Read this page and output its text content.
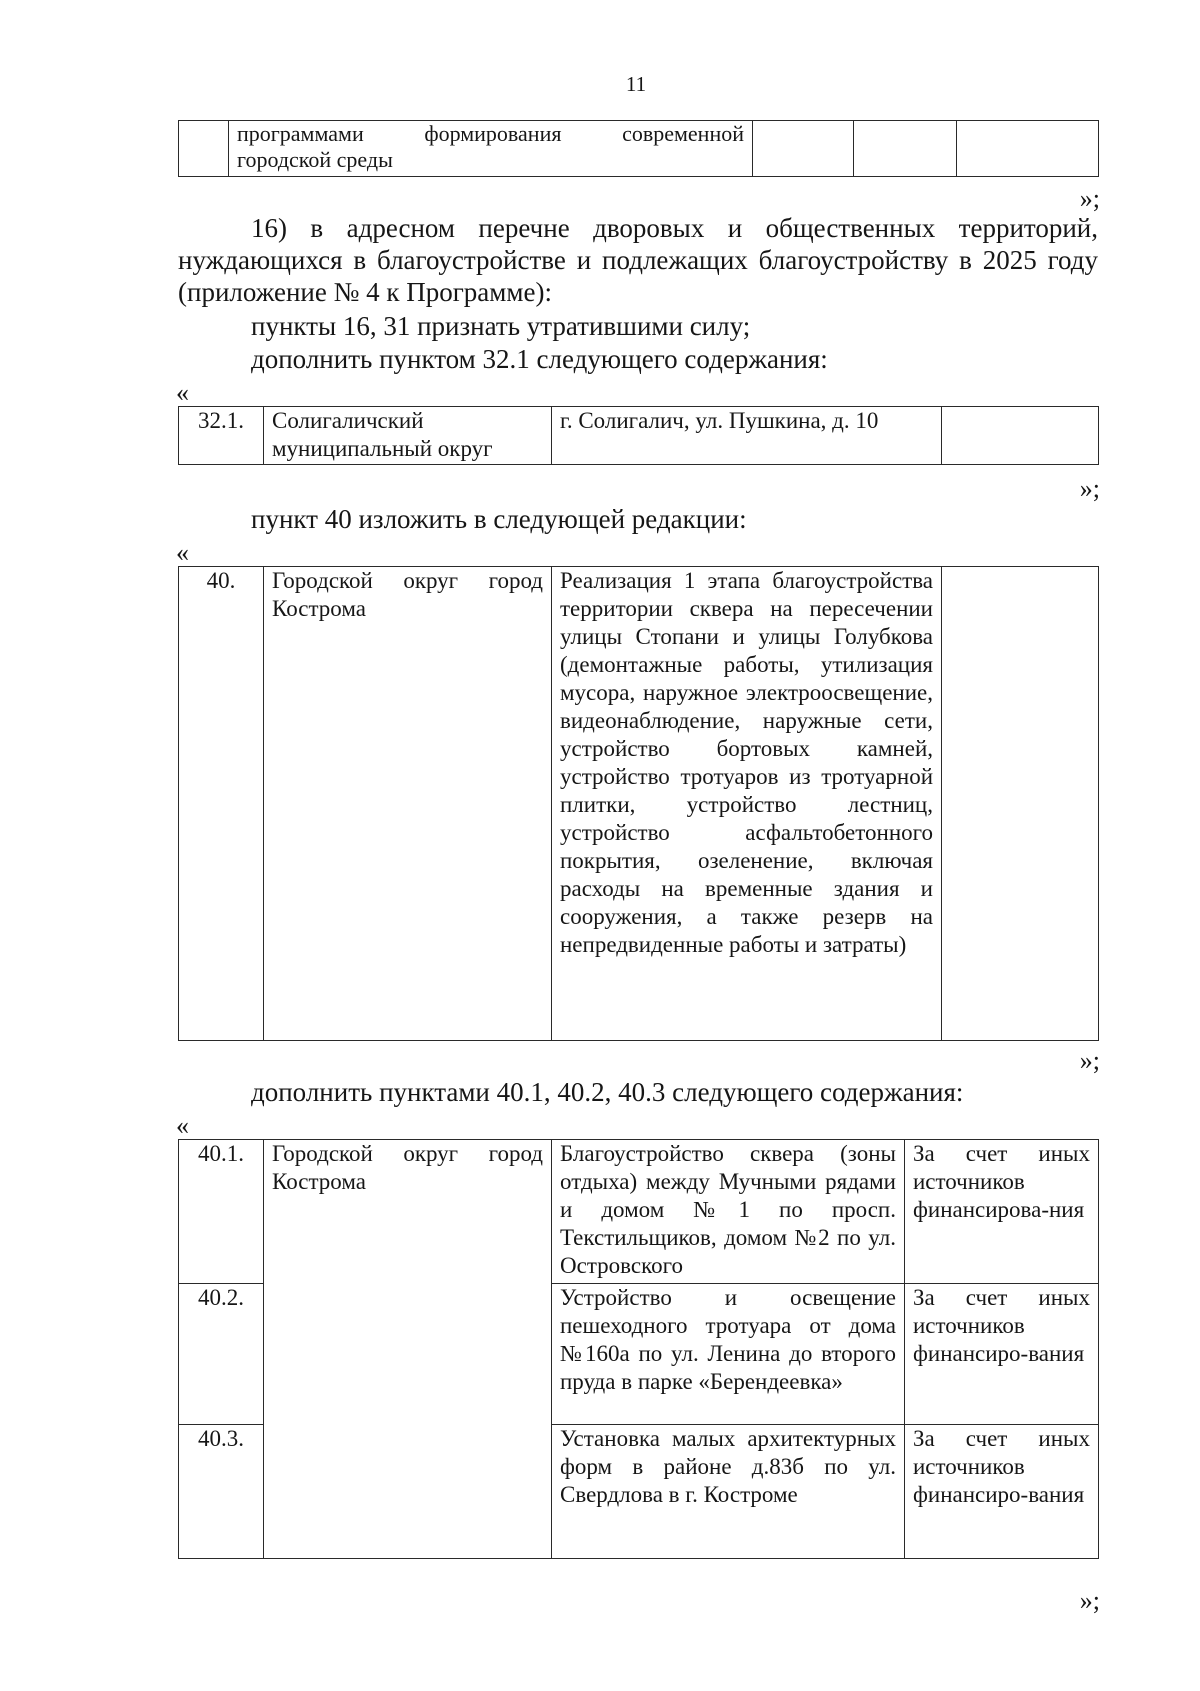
11

программами формирования современной
городской среды

»;
16) в адресном перечне дворовых и общественных территорий, нуждающихся в благоустройстве и подлежащих благоустройству в 2025 году (приложение № 4 к Программе):
пункты 16, 31 признать утратившими силу;
дополнить пунктом 32.1 следующего содержания:
«
32.1.	Солигаличский муниципальный округ	г. Солигалич, ул. Пушкина, д. 10	
»;
пункт 40 изложить в следующей редакции:
«
40.	Городской округ город Кострома	Реализация 1 этапа благоустройства территории сквера на пересечении улицы Стопани и улицы Голубкова (демонтажные работы, утилизация мусора, наружное электроосвещение, видеонаблюдение, наружные сети, устройство бортовых камней, устройство тротуаров из тротуарной плитки, устройство лестниц, устройство асфальтобетонного покрытия, озеленение, включая расходы на временные здания и сооружения, а также резерв на непредвиденные работы и затраты)	
»;
дополнить пунктами 40.1, 40.2, 40.3 следующего содержания:
«
40.1.	Городской округ город Кострома	Благоустройство сквера (зоны отдыха) между Мучными рядами и домом №1 по просп. Текстильщиков, домом №2 по ул. Островского	За счет иных источников финансирова-ния
40.2.		Устройство и освещение пешеходного тротуара от дома №160а по ул. Ленина до второго пруда в парке «Берендеевка»	За счет иных источников финансиро-вания
40.3.		Установка малых архитектурных форм в районе д.83б по ул. Свердлова в г. Костроме	За счет иных источников финансиро-вания
»;
